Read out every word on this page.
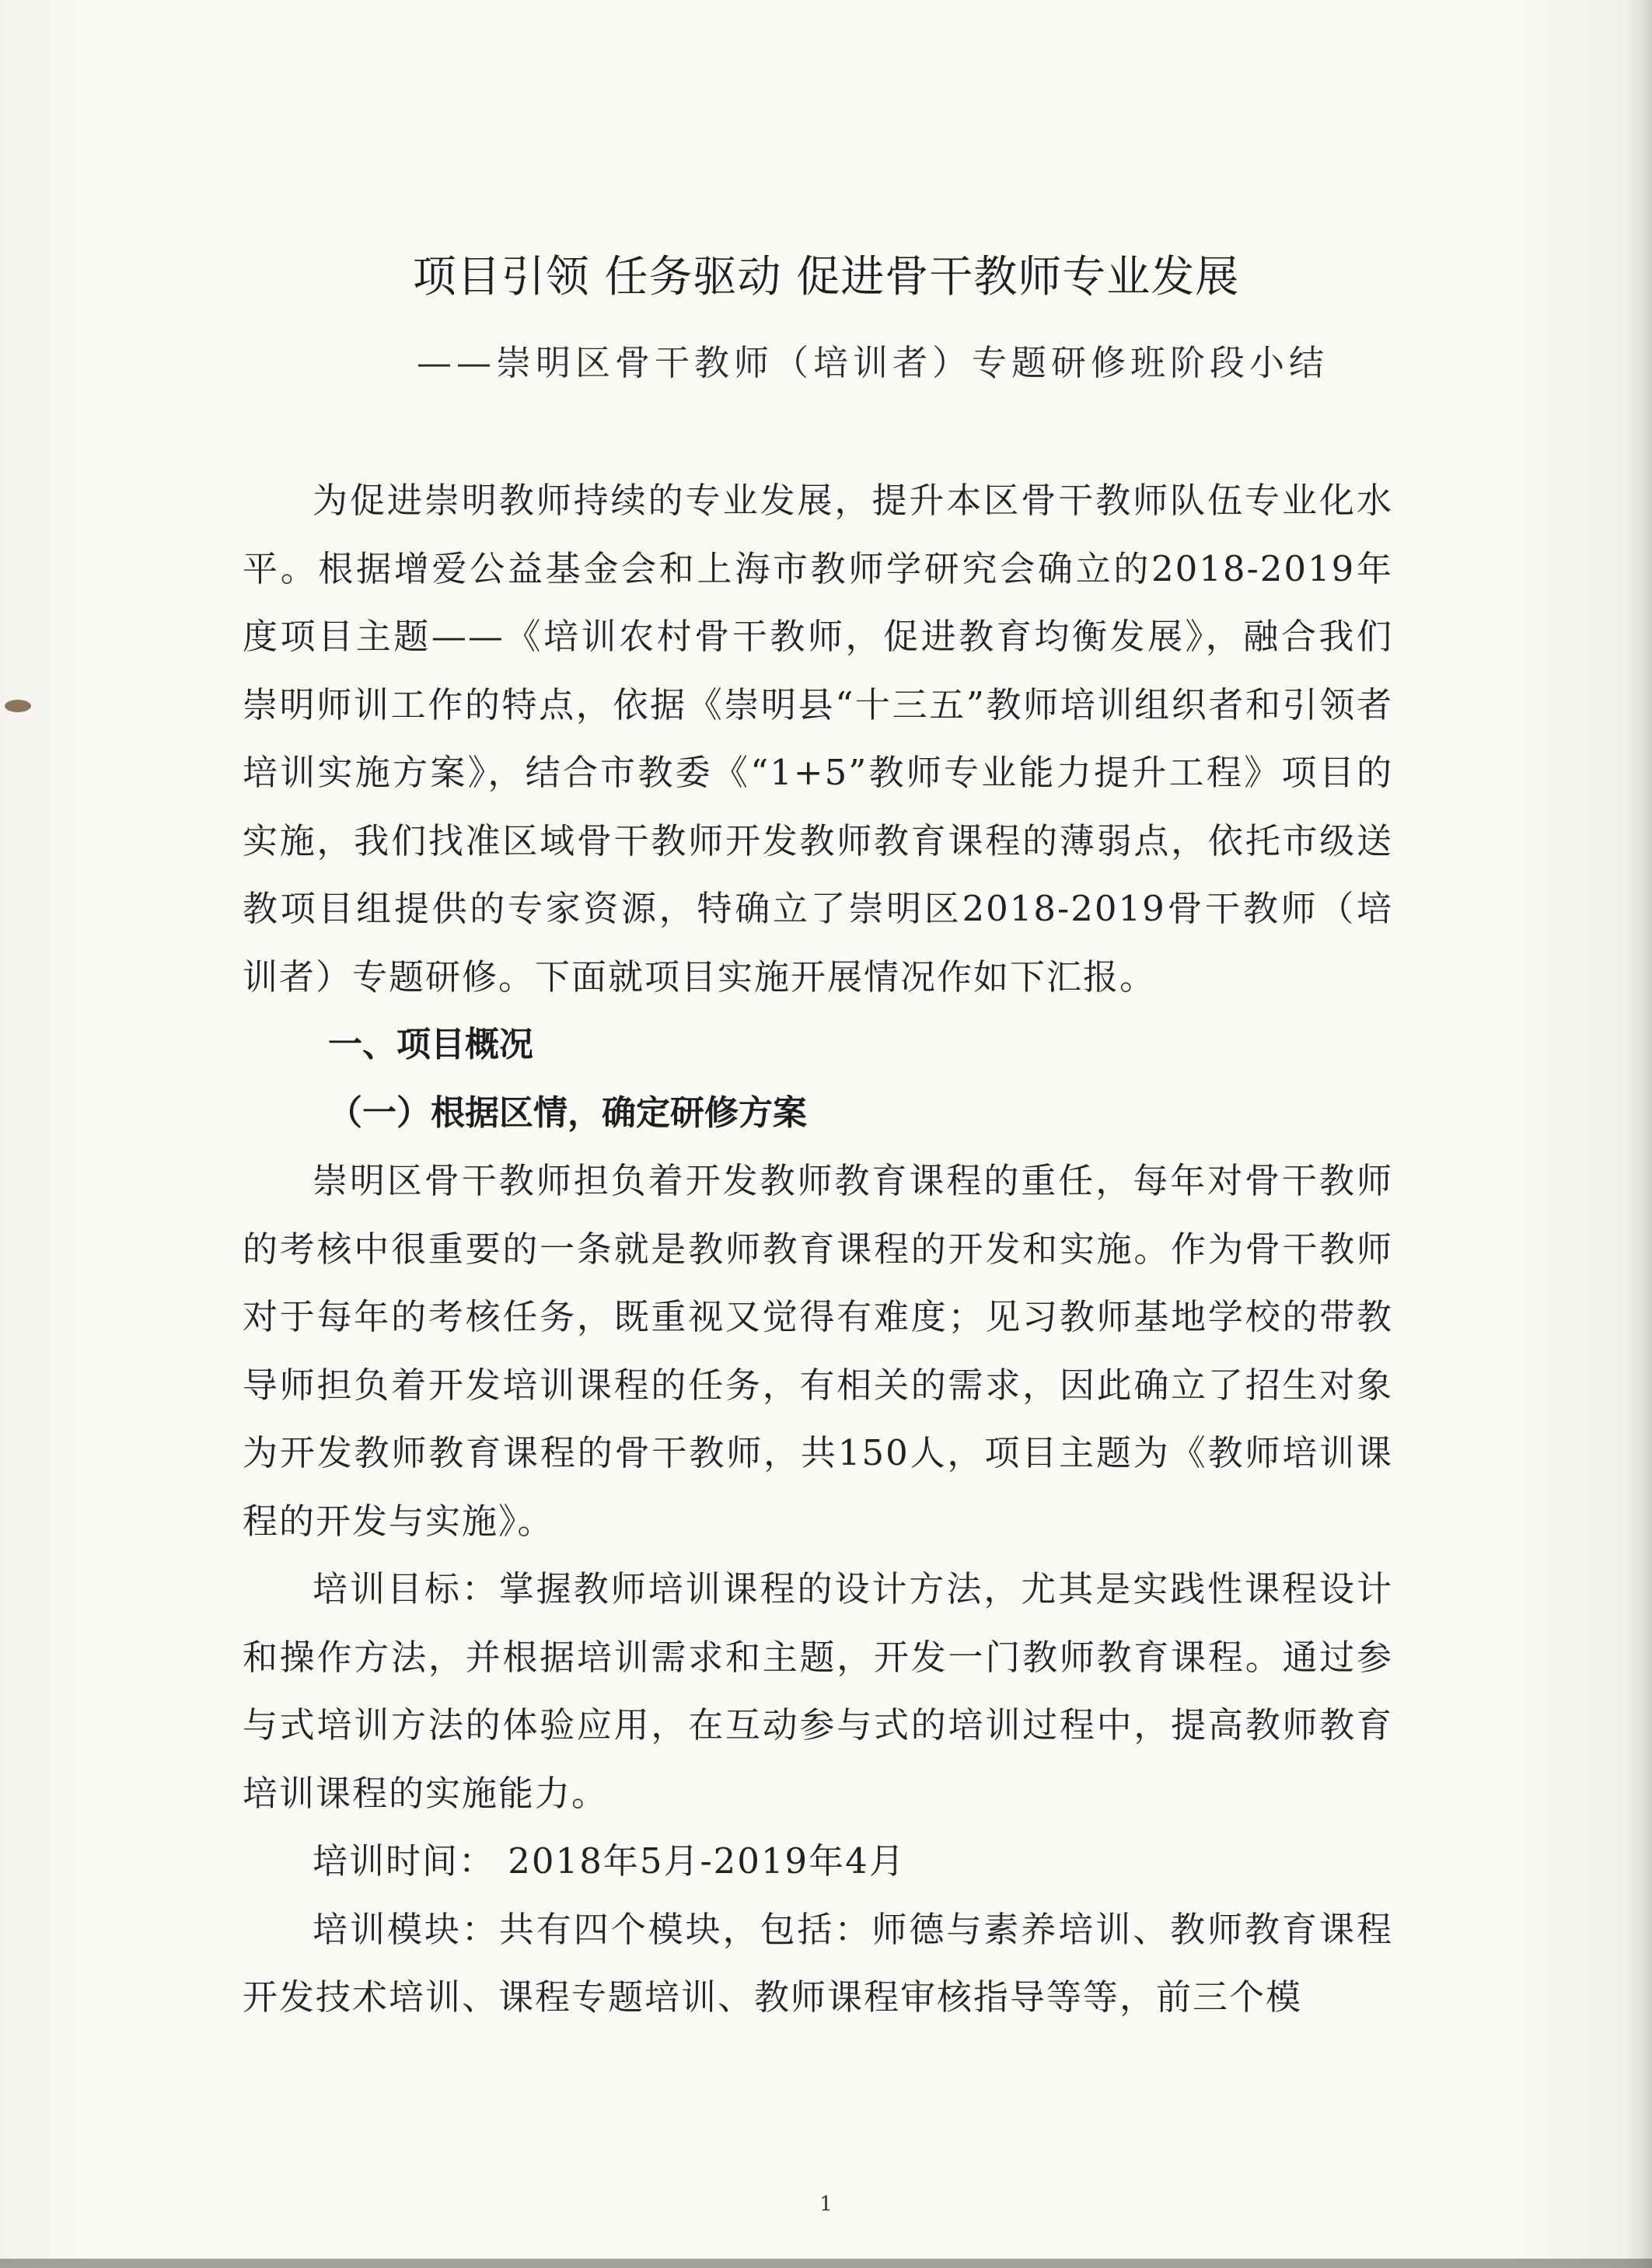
项目引领 任务驱动 促进骨干教师专业发展
——崇明区骨干教师（培训者）专题研修班阶段小结

为促进崇明教师持续的专业发展，提升本区骨干教师队伍专业化水平。根据增爱公益基金会和上海市教师学研究会确立的2018-2019年度项目主题——《培训农村骨干教师，促进教育均衡发展》，融合我们崇明师训工作的特点，依据《崇明县“十三五”教师培训组织者和引领者培训实施方案》，结合市教委《“1+5”教师专业能力提升工程》项目的实施，我们找准区域骨干教师开发教师教育课程的薄弱点，依托市级送教项目组提供的专家资源，特确立了崇明区2018-2019骨干教师（培训者）专题研修。下面就项目实施开展情况作如下汇报。

一、项目概况

（一）根据区情，确定研修方案

崇明区骨干教师担负着开发教师教育课程的重任，每年对骨干教师的考核中很重要的一条就是教师教育课程的开发和实施。作为骨干教师对于每年的考核任务，既重视又觉得有难度；见习教师基地学校的带教导师担负着开发培训课程的任务，有相关的需求，因此确立了招生对象为开发教师教育课程的骨干教师，共150人，项目主题为《教师培训课程的开发与实施》。

培训目标：掌握教师培训课程的设计方法，尤其是实践性课程设计和操作方法，并根据培训需求和主题，开发一门教师教育课程。通过参与式培训方法的体验应用，在互动参与式的培训过程中，提高教师教育培训课程的实施能力。

培训时间： 2018年5月-2019年4月

培训模块：共有四个模块，包括：师德与素养培训、教师教育课程开发技术培训、课程专题培训、教师课程审核指导等等，前三个模

1
